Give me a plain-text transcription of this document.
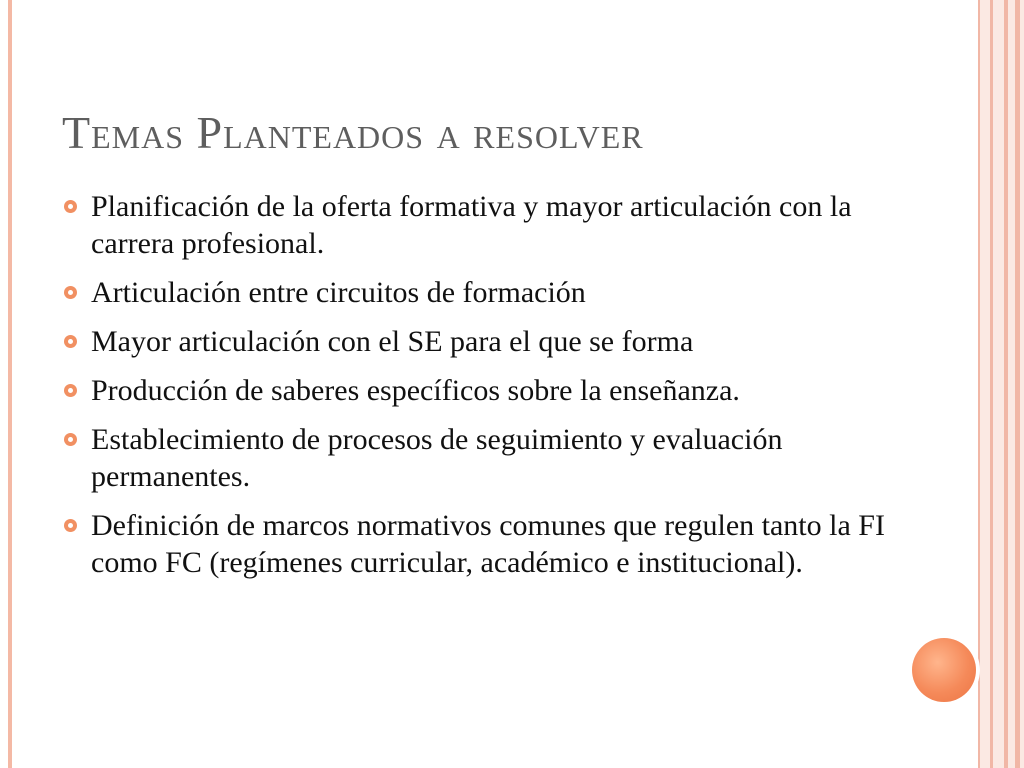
Temas Planteados a resolver
Planificación de la oferta formativa y mayor articulación con la carrera profesional.
Articulación entre circuitos de formación
Mayor articulación con el SE para el que se forma
Producción de saberes específicos sobre la enseñanza.
Establecimiento de procesos de seguimiento y evaluación permanentes.
Definición de marcos normativos comunes que regulen tanto la FI como FC (regímenes curricular, académico e institucional).
